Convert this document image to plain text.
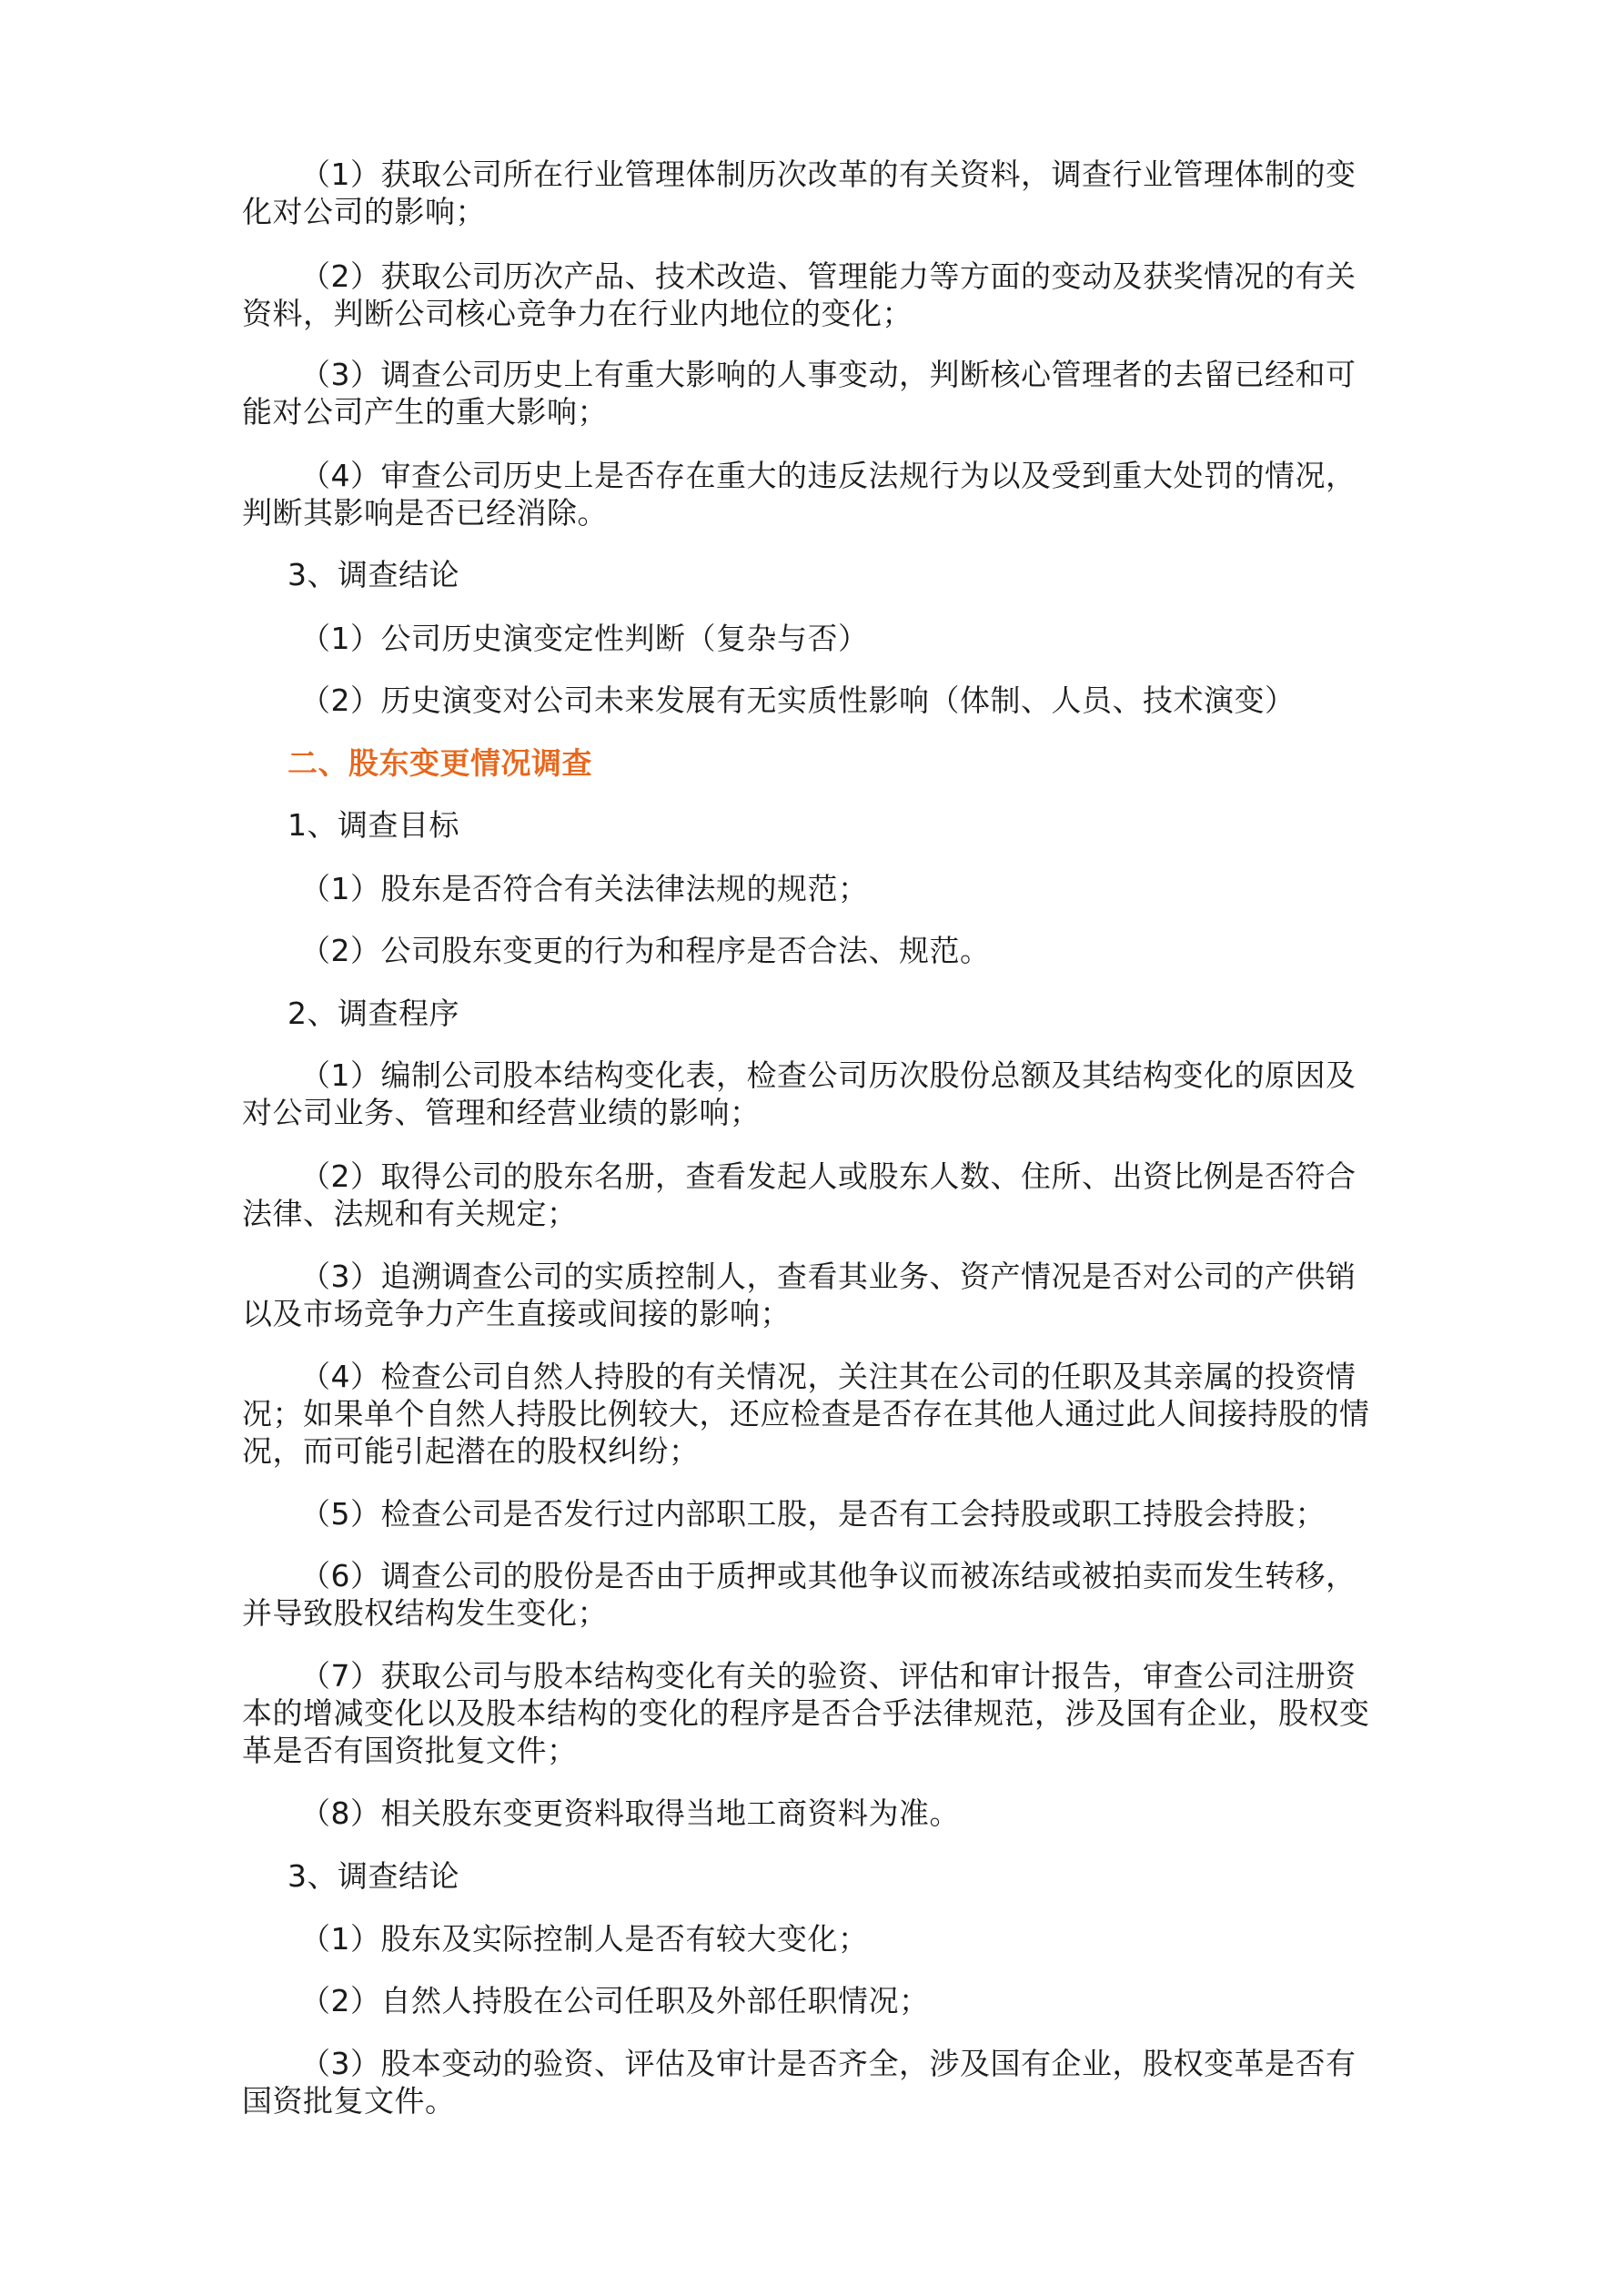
（1）获取公司所在行业管理体制历次改革的有关资料，调查行业管理体制的变

化对公司的影响；

（2）获取公司历次产品、技术改造、管理能力等方面的变动及获奖情况的有关

资料，判断公司核心竞争力在行业内地位的变化；

（3）调查公司历史上有重大影响的人事变动，判断核心管理者的去留已经和可

能对公司产生的重大影响；

（4）审查公司历史上是否存在重大的违反法规行为以及受到重大处罚的情况，

判断其影响是否已经消除。

3、调查结论

（1）公司历史演变定性判断（复杂与否）

（2）历史演变对公司未来发展有无实质性影响（体制、人员、技术演变）

二、股东变更情况调查

1、调查目标

（1）股东是否符合有关法律法规的规范；

（2）公司股东变更的行为和程序是否合法、规范。

2、调查程序

（1）编制公司股本结构变化表，检查公司历次股份总额及其结构变化的原因及

对公司业务、管理和经营业绩的影响；

（2）取得公司的股东名册，查看发起人或股东人数、住所、出资比例是否符合

法律、法规和有关规定；

（3）追溯调查公司的实质控制人，查看其业务、资产情况是否对公司的产供销

以及市场竞争力产生直接或间接的影响；

（4）检查公司自然人持股的有关情况，关注其在公司的任职及其亲属的投资情

况；如果单个自然人持股比例较大，还应检查是否存在其他人通过此人间接持股的情

况，而可能引起潜在的股权纠纷；

（5）检查公司是否发行过内部职工股，是否有工会持股或职工持股会持股；

（6）调查公司的股份是否由于质押或其他争议而被冻结或被拍卖而发生转移，

并导致股权结构发生变化；

（7）获取公司与股本结构变化有关的验资、评估和审计报告，审查公司注册资

本的增减变化以及股本结构的变化的程序是否合乎法律规范，涉及国有企业，股权变

革是否有国资批复文件；

（8）相关股东变更资料取得当地工商资料为准。

3、调查结论

（1）股东及实际控制人是否有较大变化；

（2）自然人持股在公司任职及外部任职情况；

（3）股本变动的验资、评估及审计是否齐全，涉及国有企业，股权变革是否有

国资批复文件。
